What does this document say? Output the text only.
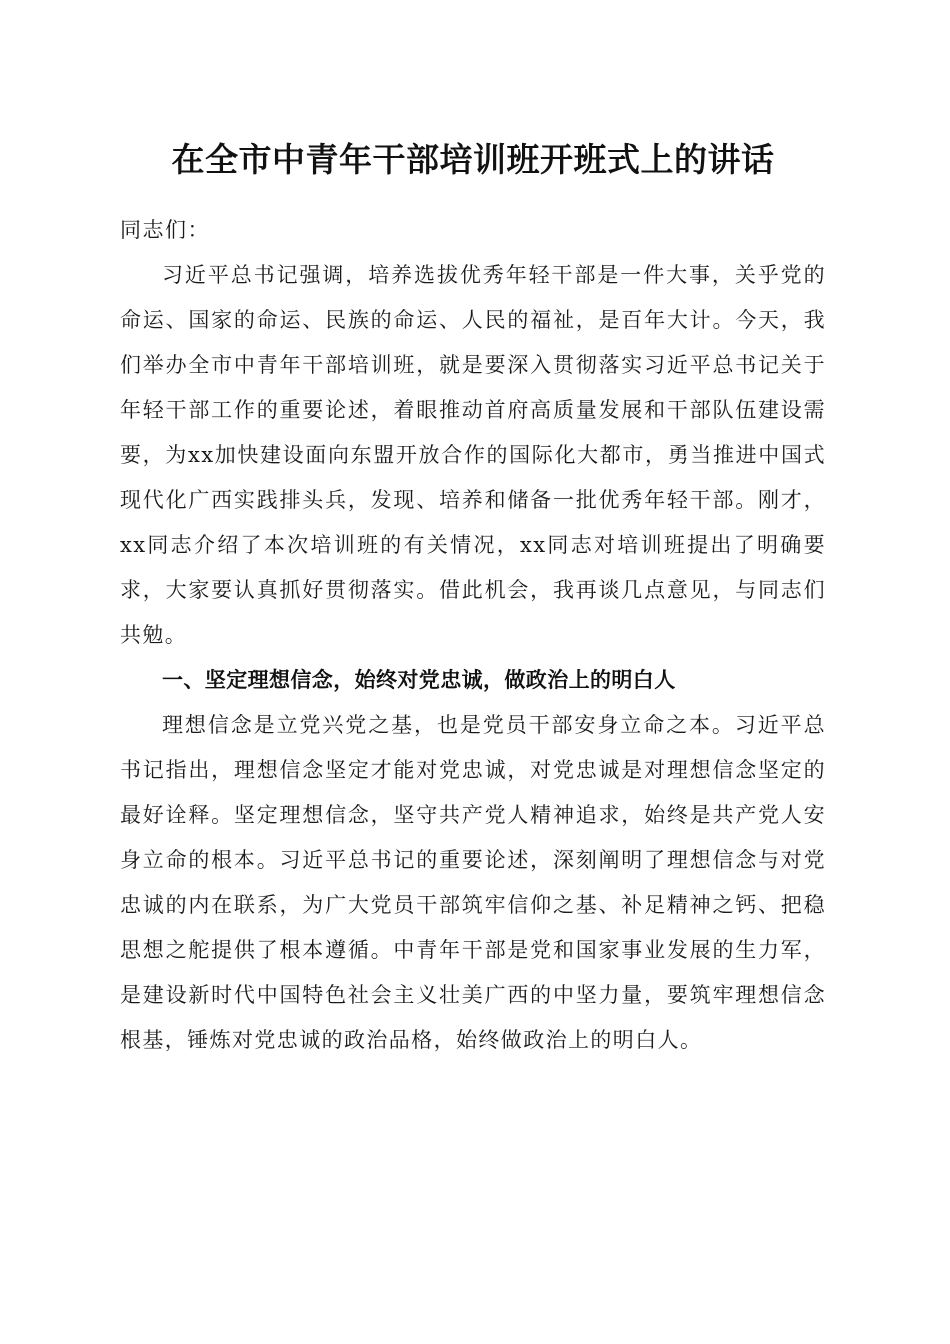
在全市中青年干部培训班开班式上的讲话

同志们：

习近平总书记强调，培养选拔优秀年轻干部是一件大事，关乎党的命运、国家的命运、民族的命运、人民的福祉，是百年大计。今天，我们举办全市中青年干部培训班，就是要深入贯彻落实习近平总书记关于年轻干部工作的重要论述，着眼推动首府高质量发展和干部队伍建设需要，为xx加快建设面向东盟开放合作的国际化大都市，勇当推进中国式现代化广西实践排头兵，发现、培养和储备一批优秀年轻干部。刚才，xx同志介绍了本次培训班的有关情况，xx同志对培训班提出了明确要求，大家要认真抓好贯彻落实。借此机会，我再谈几点意见，与同志们共勉。

一、坚定理想信念，始终对党忠诚，做政治上的明白人

理想信念是立党兴党之基，也是党员干部安身立命之本。习近平总书记指出，理想信念坚定才能对党忠诚，对党忠诚是对理想信念坚定的最好诠释。坚定理想信念，坚守共产党人精神追求，始终是共产党人安身立命的根本。习近平总书记的重要论述，深刻阐明了理想信念与对党忠诚的内在联系，为广大党员干部筑牢信仰之基、补足精神之钙、把稳思想之舵提供了根本遵循。中青年干部是党和国家事业发展的生力军，是建设新时代中国特色社会主义壮美广西的中坚力量，要筑牢理想信念根基，锤炼对党忠诚的政治品格，始终做政治上的明白人。
